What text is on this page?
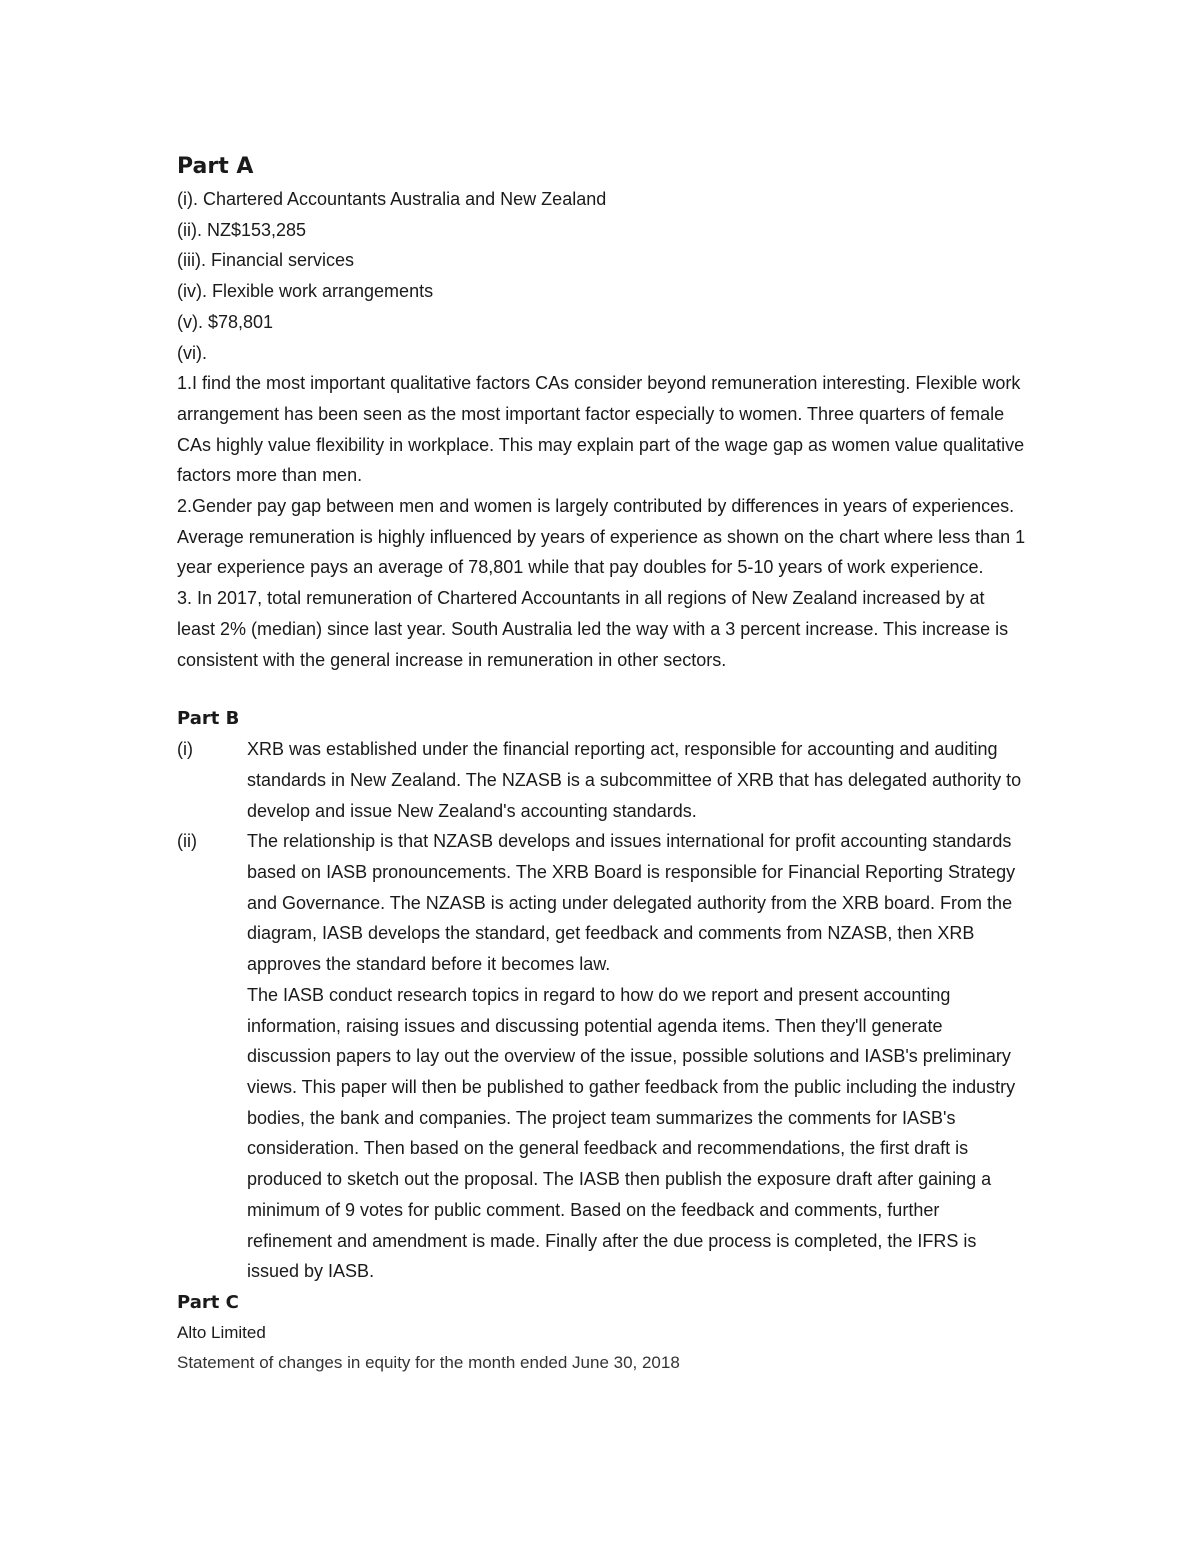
Part A

(i). Chartered Accountants Australia and New Zealand

(ii). NZ$153,285

(iii). Financial services

(iv). Flexible work arrangements

(v). $78,801

(vi).

1.I find the most important qualitative factors CAs consider beyond remuneration interesting. Flexible work arrangement has been seen as the most important factor especially to women. Three quarters of female CAs highly value flexibility in workplace. This may explain part of the wage gap as women value qualitative factors more than men.

2.Gender pay gap between men and women is largely contributed by differences in years of experiences. Average remuneration is highly influenced by years of experience as shown on the chart where less than 1 year experience pays an average of 78,801 while that pay doubles for 5-10 years of work experience.

3. In 2017, total remuneration of Chartered Accountants in all regions of New Zealand increased by at least 2% (median) since last year. South Australia led the way with a 3 percent increase. This increase is consistent with the general increase in remuneration in other sectors.

Part B

(i)	XRB was established under the financial reporting act, responsible for accounting and auditing standards in New Zealand. The NZASB is a subcommittee of XRB that has delegated authority to develop and issue New Zealand's accounting standards.

(ii)	The relationship is that NZASB develops and issues international for profit accounting standards based on IASB pronouncements. The XRB Board is responsible for Financial Reporting Strategy and Governance. The NZASB is acting under delegated authority from the XRB board. From the diagram, IASB develops the standard, get feedback and comments from NZASB, then XRB approves the standard before it becomes law.

The IASB conduct research topics in regard to how do we report and present accounting information, raising issues and discussing potential agenda items. Then they'll generate discussion papers to lay out the overview of the issue, possible solutions and IASB's preliminary views. This paper will then be published to gather feedback from the public including the industry bodies, the bank and companies. The project team summarizes the comments for IASB's consideration. Then based on the general feedback and recommendations, the first draft is produced to sketch out the proposal. The IASB then publish the exposure draft after gaining a minimum of 9 votes for public comment. Based on the feedback and comments, further refinement and amendment is made. Finally after the due process is completed, the IFRS is issued by IASB.

Part C

Alto Limited

Statement of changes in equity for the month ended June 30, 2018
